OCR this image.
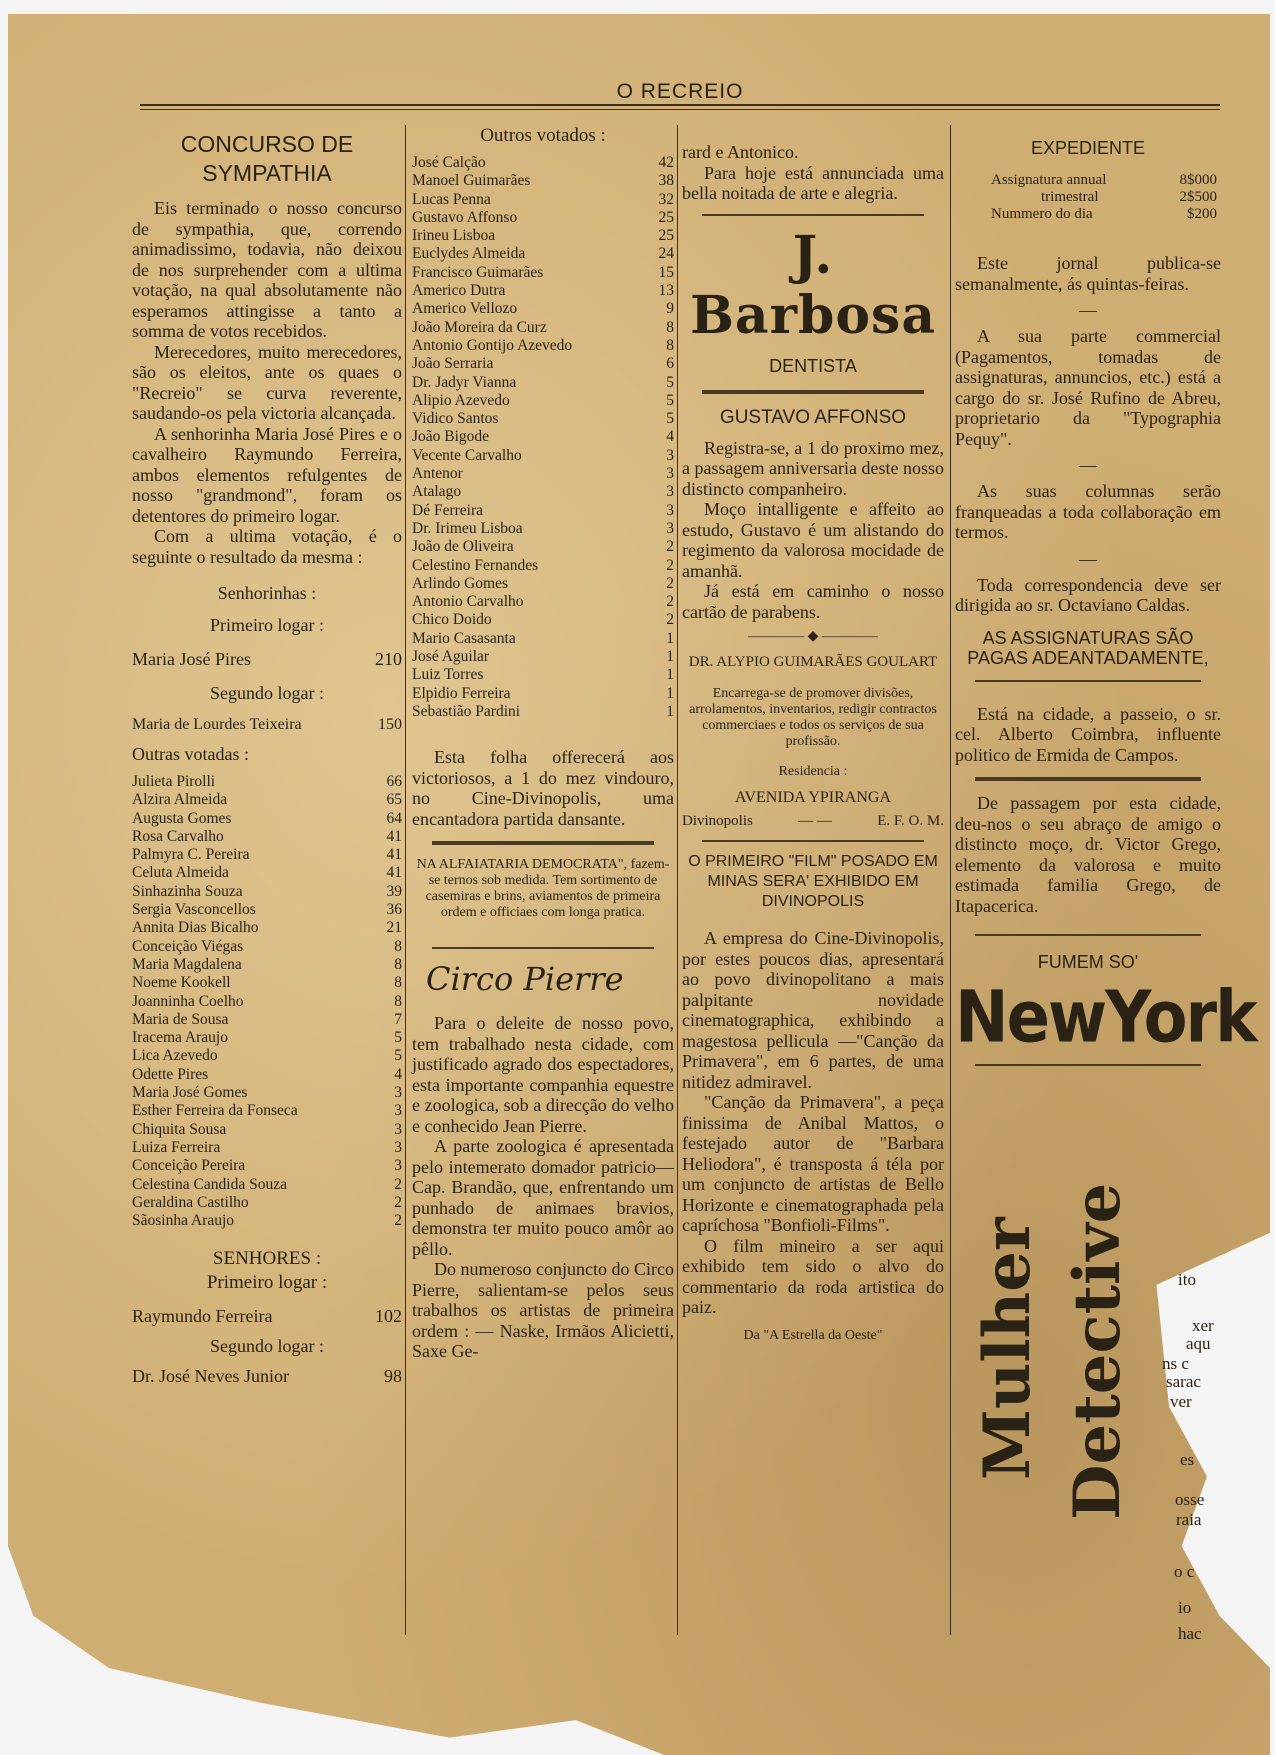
O RECREIO
CONCURSO DE SYMPATHIA

Eis terminado o nosso concurso de sympathia, que, correndo animadissimo, todavia, não deixou de nos surprehender com a ultima votação, na qual absolutamente não esperamos attingisse a tanto a somma de votos recebidos.

Merecedores, muito merecedores, são os eleitos, ante os quaes o "Recreio" se curva reverente, saudando-os pela victoria alcançada.

A senhorinha Maria José Pires e o cavalheiro Raymundo Ferreira, ambos elementos refulgentes de nosso "grandmond", foram os detentores do primeiro logar.

Com a ultima votação, é o seguinte o resultado da mesma :

Senhorinhas :
Primeiro logar :
Maria José Pires	210
Segundo logar :
Maria de Lourdes Teixeira	150
Outras votadas :
Julieta Pirolli	66
Alzira Almeida	65
Augusta Gomes	64
Rosa Carvalho	41
Palmyra C. Pereira	41
Celuta Almeida	41
Sinhazinha Souza	39
Sergia Vasconcellos	36
Annita Dias Bicalho	21
Conceição Viégas	8
Maria Magdalena	8
Noeme Kookell	8
Joanninha Coelho	8
Maria de Sousa	7
Iracema Araujo	5
Lica Azevedo	5
Odette Pires	4
Maria José Gomes	3
Esther Ferreira da Fonseca	3
Chiquita Sousa	3
Luiza Ferreira	3
Conceição Pereira	3
Celestina Candida Souza	2
Geraldina Castilho	2
Sãosinha Araujo	2
SENHORES :
Primeiro logar :
Raymundo Ferreira	102
Segundo logar :
Dr. José Neves Junior	98
Outros votados :
José Calção	42
Manoel Guimarães	38
Lucas Penna	32
Gustavo Affonso	25
Irineu Lisboa	25
Euclydes Almeida	24
Francisco Guimarães	15
Americo Dutra	13
Americo Vellozo	9
João Moreira da Curz	8
Antonio Gontijo Azevedo	8
João Serraria	6
Dr. Jadyr Vianna	5
Alipio Azevedo	5
Vidico Santos	5
João Bigode	4
Vecente Carvalho	3
Antenor	3
Atalago	3
Dé Ferreira	3
Dr. Irimeu Lisboa	3
João de Oliveira	2
Celestino Fernandes	2
Arlindo Gomes	2
Antonio Carvalho	2
Chico Doido	2
Mario Casasanta	1
José Aguilar	1
Luiz Torres	1
Elpidio Ferreira	1
Sebastião Pardini	1

Esta folha offerecerá aos victoriosos, a 1 do mez vindouro, no Cine-Divinopolis, uma encantadora partida dansante.

NA ALFAIATARIA DEMOCRATA", fazem-se ternos sob medida. Tem sortimento de casemiras e brins, aviamentos de primeira ordem e officiaes com longa pratica.

Circo Pierre

Para o deleite de nosso povo, tem trabalhado nesta cidade, com justificado agrado dos espectadores, esta importante companhia equestre e zoologica, sob a direcção do velho e conhecido Jean Pierre.

A parte zoologica é apresentada pelo intemerato domador patricio—Cap. Brandão, que, enfrentando um punhado de animaes bravios, demonstra ter muito pouco amôr ao pêllo.

Do numeroso conjuncto do Circo Pierre, salientam-se pelos seus trabalhos os artistas de primeira ordem : — Naske, Irmãos Alicietti, Saxe Ge-

rard e Antonico.

Para hoje está annunciada uma bella noitada de arte e alegria.

J. Barbosa
DENTISTA
GUSTAVO AFFONSO

Registra-se, a 1 do proximo mez, a passagem anniversaria deste nosso distincto companheiro.

Moço intalligente e affeito ao estudo, Gustavo é um alistando do regimento da valorosa mocidade de amanhã.

Já está em caminho o nosso cartão de parabens.

———— ◆ ————
DR. ALYPIO GUIMARÃES GOULART

Encarrega-se de promover divisões, arrolamentos, inventarios, redigir contractos commerciaes e todos os serviços de sua profissão.

Residencia :
AVENIDA YPIRANGA
Divinopolis	— —	E. F. O. M.
O PRIMEIRO "FILM" POSADO EM MINAS SERA' EXHIBIDO EM DIVINOPOLIS

A empresa do Cine-Divinopolis, por estes poucos dias, apresentará ao povo divinopolitano a mais palpitante novidade cinematographica, exhibindo a magestosa pellicula —"Canção da Primavera", em 6 partes, de uma nitidez admiravel.

"Canção da Primavera", a peça finissima de Anibal Mattos, o festejado autor de "Barbara Heliodora", é transposta á téla por um conjuncto de artistas de Bello Horizonte e cinematographada pela capríchosa "Bonfioli-Films".

O film mineiro a ser aqui exhibido tem sido o alvo do commentario da roda artistica do paiz.

Da "A Estrella da Oeste"
EXPEDIENTE
Assignatura annual	8$000
trimestral	2$500
Nummero do dia	$200

Este jornal publica-se semanalmente, ás quintas-feiras.

—

A sua parte commercial (Pagamentos, tomadas de assignaturas, annuncios, etc.) está a cargo do sr. José Rufino de Abreu, proprietario da "Typographia Pequy".

—

As suas columnas serão franqueadas a toda collaboração em termos.

—

Toda correspondencia deve ser dirigida ao sr. Octaviano Caldas.

AS ASSIGNATURAS SÃO PAGAS ADEANTADAMENTE,

Está na cidade, a passeio, o sr. cel. Alberto Coimbra, influente politico de Ermida de Campos.

De passagem por esta cidade, deu-nos o seu abraço de amigo o distincto moço, dr. Victor Grego, elemento da valorosa e muito estimada familia Grego, de Itapacerica.

FUMEM SO'
NewYork
Mulher Detective	ito
xer
aqu
ns c
sarac
ver
es
osse
raia
o c
io
hac
